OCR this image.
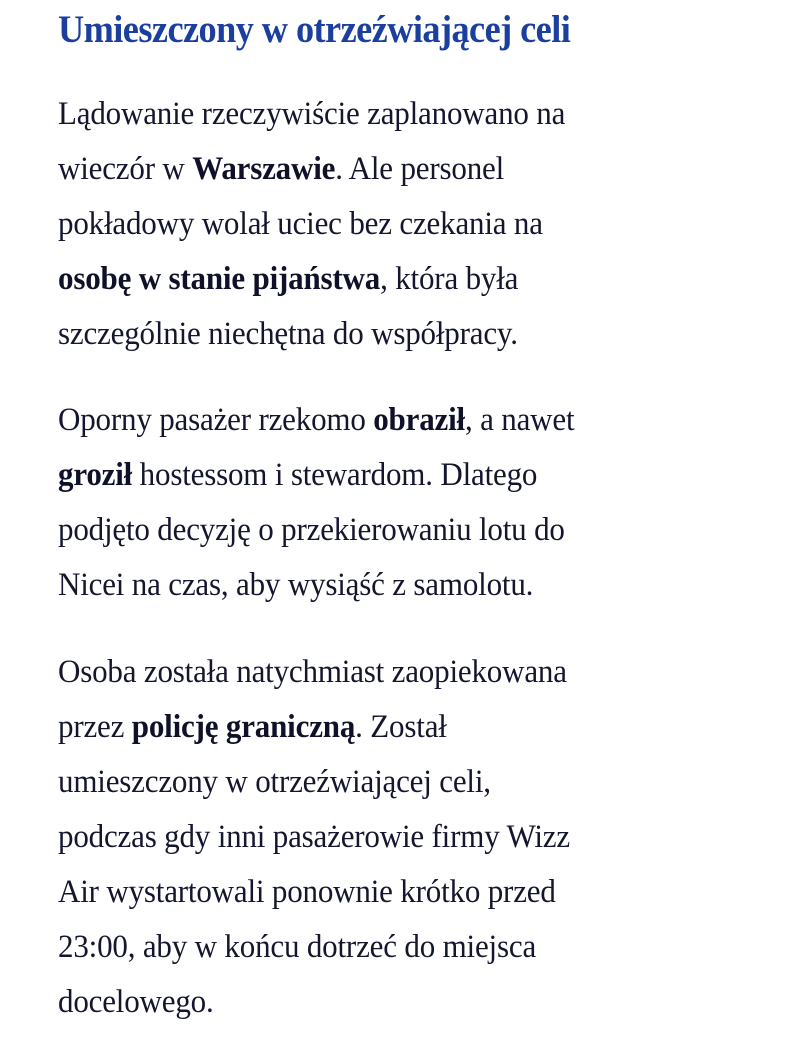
Umieszczony w otrzeźwiającej celi

Lądowanie rzeczywiście zaplanowano na
wieczór w Warszawie. Ale personel
pokładowy wolał uciec bez czekania na
osobę w stanie pijaństwa, która była
szczególnie niechętna do współpracy.

Oporny pasażer rzekomo obraził, a nawet
groził hostessom i stewardom. Dlatego
podjęto decyzję o przekierowaniu lotu do
Nicei na czas, aby wysiąść z samolotu.

Osoba została natychmiast zaopiekowana
przez policję graniczną. Został
umieszczony w otrzeźwiającej celi,
podczas gdy inni pasażerowie firmy Wizz
Air wystartowali ponownie krótko przed
23:00, aby w końcu dotrzeć do miejsca
docelowego.
